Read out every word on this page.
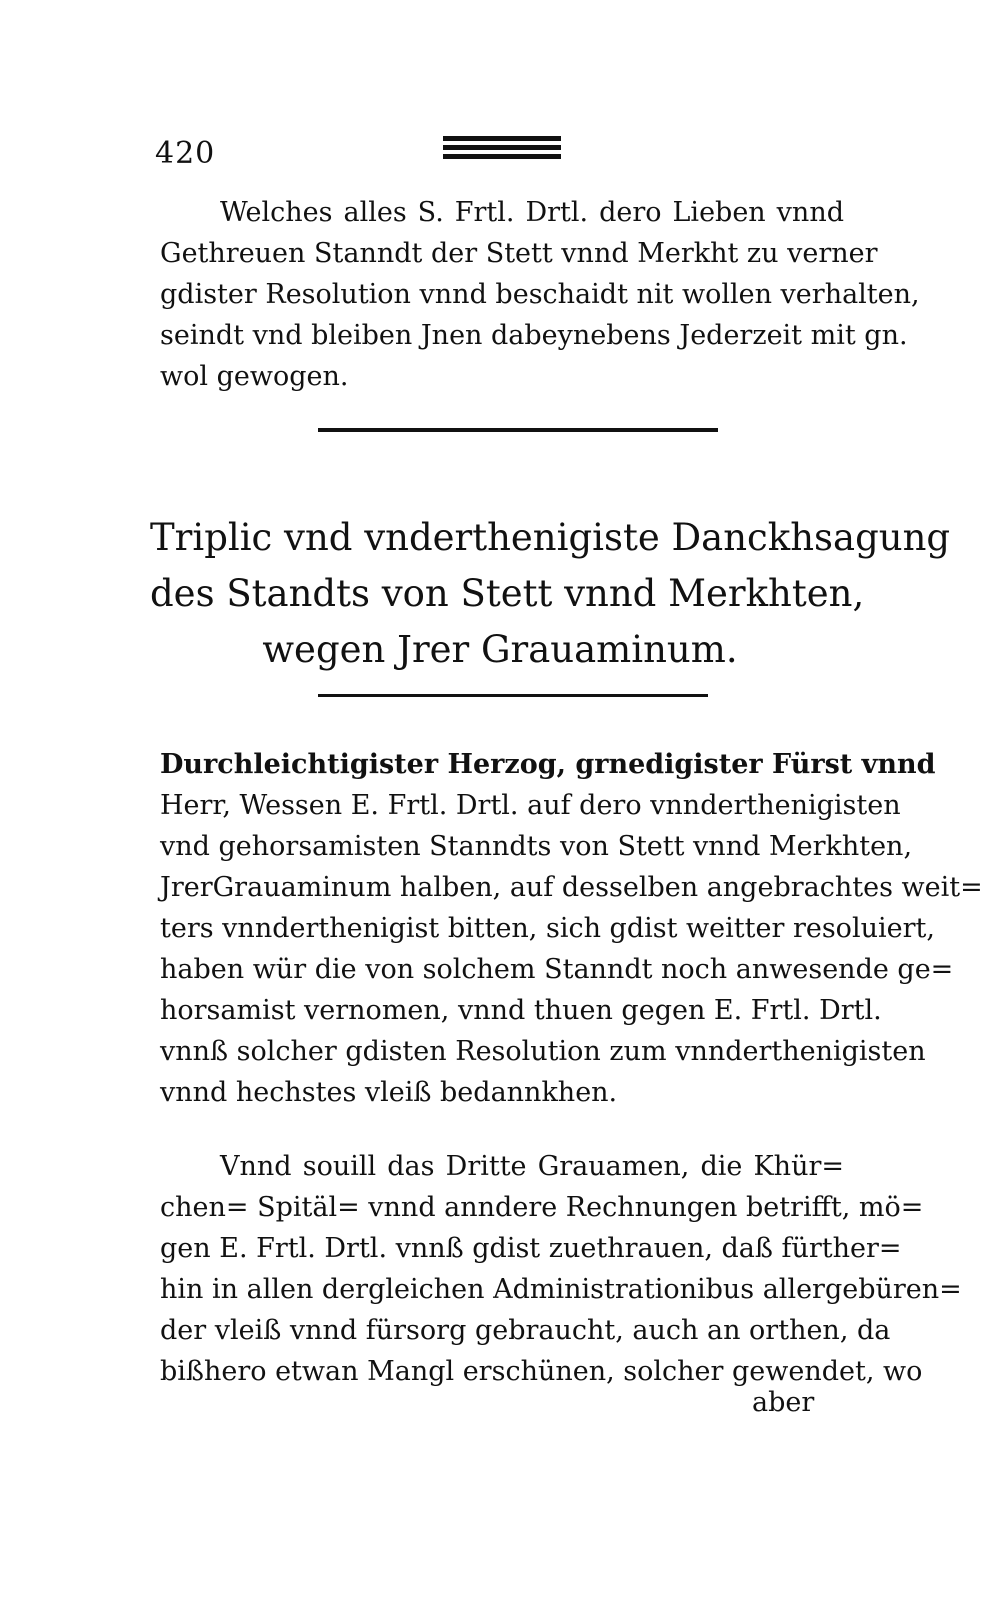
420
Welches alles S. Frtl. Drtl. dero Lieben vnnd
Gethreuen Stanndt der Stett vnnd Merkht zu verner
gdister Resolution vnnd beschaidt nit wollen verhalten,
seindt vnd bleiben Jnen dabeynebens Jederzeit mit gn.
wol gewogen.
Triplic vnd vnderthenigiste Danckhsagung
des Standts von Stett vnnd Merkhten,
wegen Jrer Grauaminum.
Durchleichtigister Herzog, grnedigister Fürst vnnd
Herr, Wessen E. Frtl. Drtl. auf dero vnnderthenigisten
vnd gehorsamisten Stanndts von Stett vnnd Merkhten,
JrerGrauaminum halben, auf desselben angebrachtes weit=
ters vnnderthenigist bitten, sich gdist weitter resoluiert,
haben wür die von solchem Stanndt noch anwesende ge=
horsamist vernomen, vnnd thuen gegen E. Frtl. Drtl.
vnnß solcher gdisten Resolution zum vnnderthenigisten
vnnd hechstes vleiß bedannkhen.
Vnnd souill das Dritte Grauamen, die Khür=
chen= Spitäl= vnnd anndere Rechnungen betrifft, mö=
gen E. Frtl. Drtl. vnnß gdist zuethrauen, daß fürther=
hin in allen dergleichen Administrationibus allergebüren=
der vleiß vnnd fürsorg gebraucht, auch an orthen, da
bißhero etwan Mangl erschünen, solcher gewendet, wo
aber
